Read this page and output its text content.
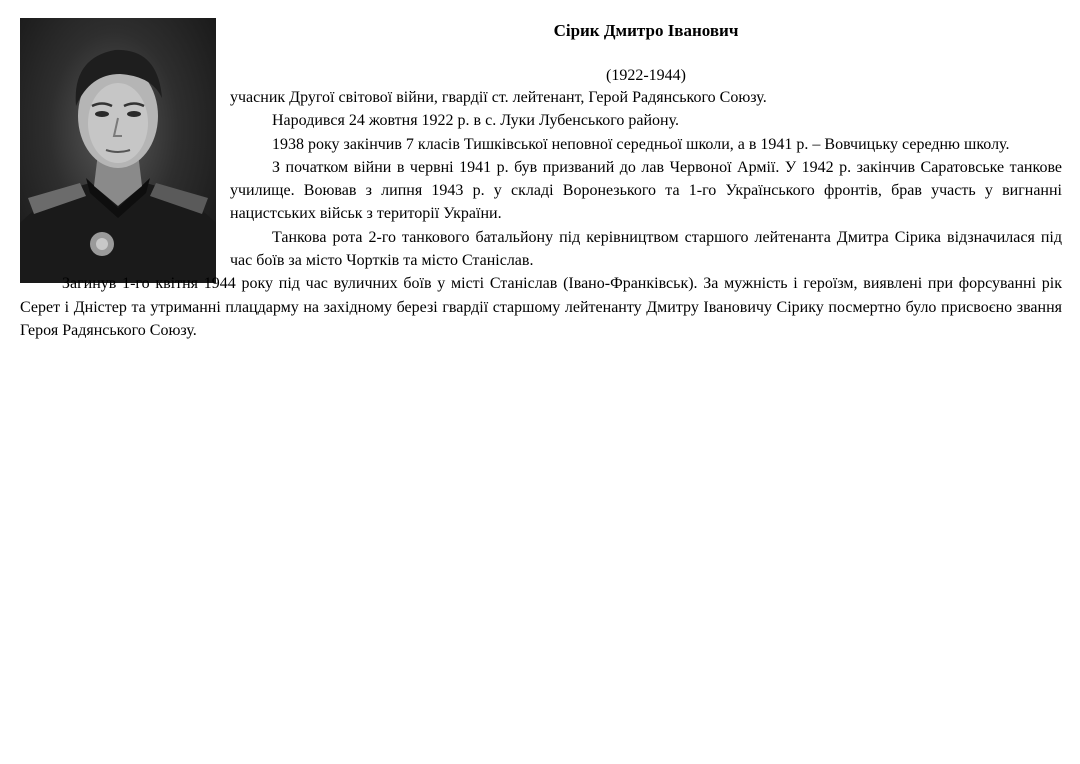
Сірик Дмитро Іванович

(1922-1944)

учасник Другої світової війни, гвардії ст. лейтенант, Герой Радянського Союзу.

Народився 24 жовтня 1922 р. в с. Луки Лубенського району.

1938 року закінчив 7 класів Тишківської неповної середньої школи, а в 1941 р. – Вовчицьку середню школу.

З початком війни в червні 1941 р. був призваний до лав Червоної Армії. У 1942 р. закінчив Саратовське танкове училище. Воював з липня 1943 р. у складі Воронезького та 1-го Українського фронтів, брав участь у вигнанні нацистських військ з території України.

Танкова рота 2-го танкового батальйону під керівництвом старшого лейтенанта Дмитра Сірика відзначилася під час боїв за місто Чортків та місто Станіслав.

Загинув 1-го квітня 1944 року під час вуличних боїв у місті Станіслав (Івано-Франківськ). За мужність і героїзм, виявлені при форсуванні рік Серет і Дністер та утриманні плацдарму на західному березі гвардії старшому лейтенанту Дмитру Івановичу Сірику посмертно було присвоєно звання Героя Радянського Союзу.
